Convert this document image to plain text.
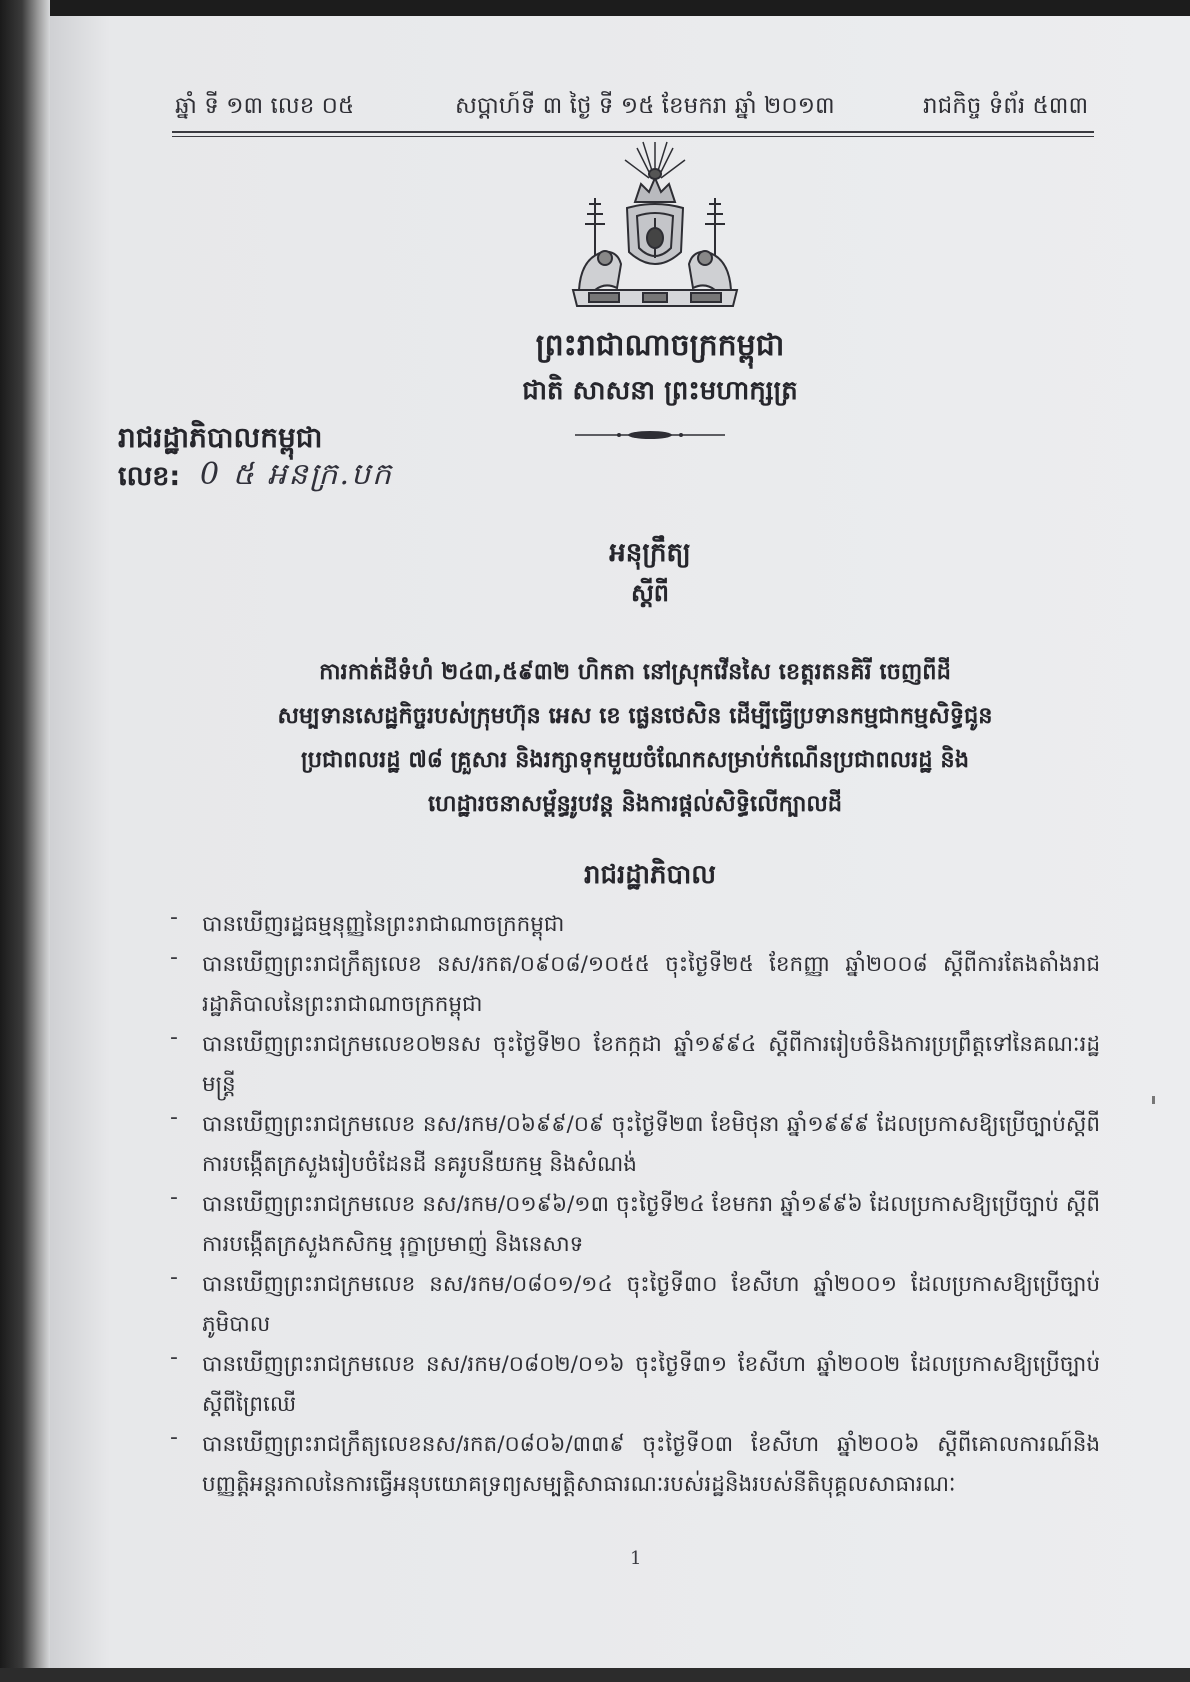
ឆ្នាំ ទី ១៣ លេខ ០៥	សប្ដាហ៍ទី ៣ ថ្ងៃ ទី ១៥ ខែមករា ឆ្នាំ ២០១៣	រាជកិច្ច ទំព័រ ៥៣៣
ព្រះរាជាណាចក្រកម្ពុជា
ជាតិ សាសនា ព្រះមហាក្សត្រ
រាជរដ្ឋាភិបាលកម្ពុជា
លេខ: 0 ៥ អនក្រ.បក
អនុក្រឹត្យ
ស្ដីពី
ការកាត់ដីទំហំ ២៤៣,៥៩៣២ ហិកតា នៅស្រុកវើនសៃ ខេត្តរតនគិរី ចេញពីដី
សម្បទានសេដ្ឋកិច្ចរបស់ក្រុមហ៊ុន អេស ខេ ផ្លេនថេសិន ដើម្បីធ្វើប្រទានកម្មជាកម្មសិទ្ធិជូន
ប្រជាពលរដ្ឋ ៧៨ គ្រួសារ និងរក្សាទុកមួយចំណែកសម្រាប់កំណើនប្រជាពលរដ្ឋ និង
ហេដ្ឋារចនាសម្ព័ន្ធរូបវន្ត និងការផ្ដល់សិទ្ធិលើក្បាលដី
រាជរដ្ឋាភិបាល
- បានឃើញរដ្ឋធម្មនុញ្ញនៃព្រះរាជាណាចក្រកម្ពុជា
- បានឃើញព្រះរាជក្រឹត្យលេខ នស/រកត/០៩០៨/១០៥៥ ចុះថ្ងៃទី២៥ ខែកញ្ញា ឆ្នាំ២០០៨ ស្ដីពីការតែងតាំងរាជរដ្ឋាភិបាលនៃព្រះរាជាណាចក្រកម្ពុជា
- បានឃើញព្រះរាជក្រមលេខ០២នស ចុះថ្ងៃទី២០ ខែកក្កដា ឆ្នាំ១៩៩៤ ស្ដីពីការរៀបចំនិងការប្រព្រឹត្តទៅនៃគណៈរដ្ឋមន្ត្រី
- បានឃើញព្រះរាជក្រមលេខ នស/រកម/០៦៩៩/០៩ ចុះថ្ងៃទី២៣ ខែមិថុនា ឆ្នាំ១៩៩៩ ដែលប្រកាសឱ្យប្រើច្បាប់ស្ដីពីការបង្កើតក្រសួងរៀបចំដែនដី នគរូបនីយកម្ម និងសំណង់
- បានឃើញព្រះរាជក្រមលេខ នស/រកម/០១៩៦/១៣ ចុះថ្ងៃទី២៤ ខែមករា ឆ្នាំ១៩៩៦ ដែលប្រកាសឱ្យប្រើច្បាប់ ស្ដីពីការបង្កើតក្រសួងកសិកម្ម រុក្ខាប្រមាញ់ និងនេសាទ
- បានឃើញព្រះរាជក្រមលេខ នស/រកម/០៨០១/១៤ ចុះថ្ងៃទី៣០ ខែសីហា ឆ្នាំ២០០១ ដែលប្រកាសឱ្យប្រើច្បាប់ភូមិបាល
- បានឃើញព្រះរាជក្រមលេខ នស/រកម/០៨០២/០១៦ ចុះថ្ងៃទី៣១ ខែសីហា ឆ្នាំ២០០២ ដែលប្រកាសឱ្យប្រើច្បាប់ស្ដីពីព្រៃឈើ
- បានឃើញព្រះរាជក្រឹត្យលេខនស/រកត/០៨០៦/៣៣៩ ចុះថ្ងៃទី០៣ ខែសីហា ឆ្នាំ២០០៦ ស្ដីពីគោលការណ៍និងបញ្ញត្តិអន្តរកាលនៃការធ្វើអនុបយោគទ្រព្យសម្បត្តិសាធារណៈរបស់រដ្ឋនិងរបស់នីតិបុគ្គលសាធារណៈ
1
